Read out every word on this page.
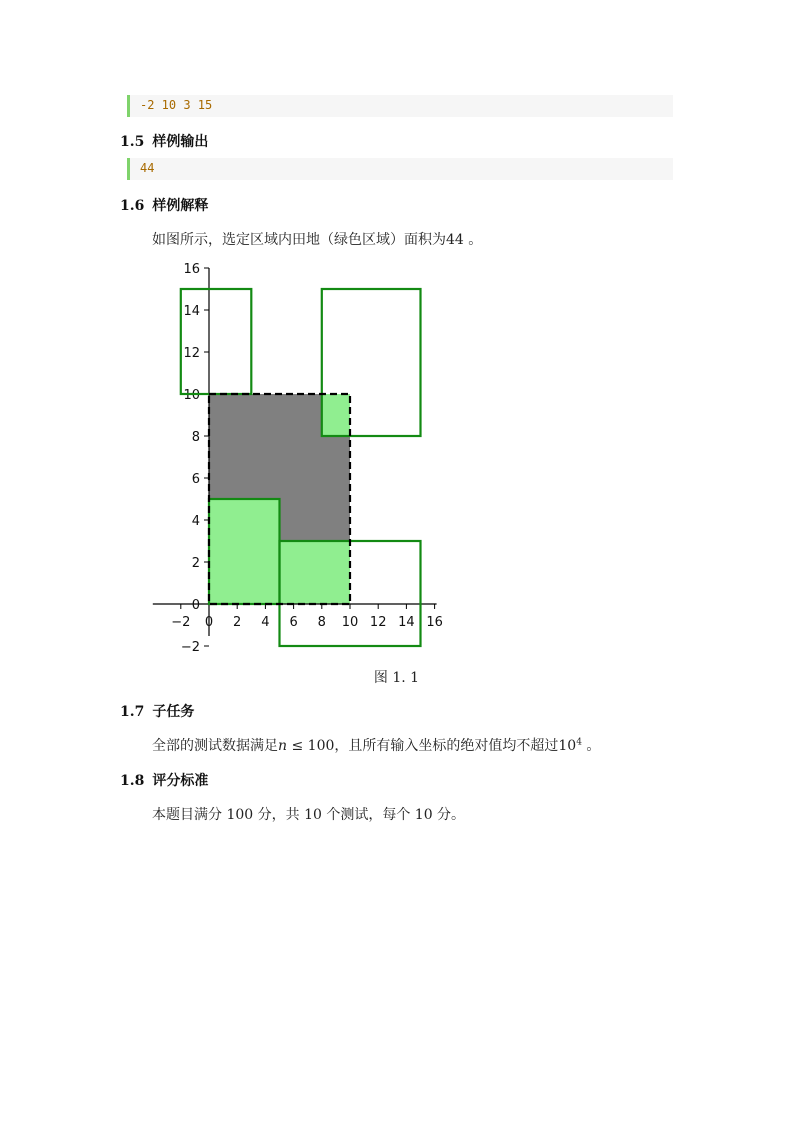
-2 10 3 15
1.5 样例输出
44
1.6 样例解释
如图所示，选定区域内田地（绿色区域）面积为44 。
−2 0 2 4 6 8 10 12 14 16
−2
0
2
4
6
8
10
12
14
16
图 1. 1
1.7 子任务
全部的测试数据满足n ≤ 100，且所有输入坐标的绝对值均不超过$10^4$ 。
1.8 评分标准
本题目满分 100 分，共 10 个测试，每个 10 分。
